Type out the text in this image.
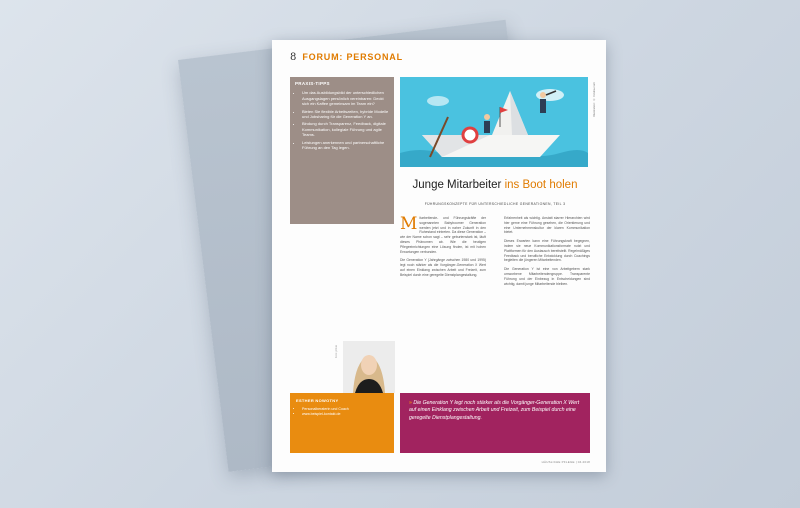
8 FORUM: PERSONAL
PRAXIS-TIPPS
• Um das Ausbildungsbild der unterschiedlichen Ausgangslagen persönlich vereinbaren: Deckt sich ein Kaffee gemeinsam im Team ein?
• Bieten Sie flexible Arbeitszeiten, hybride Modelle und Jobsharing für die Generation Y an.
• Bindung durch Transparenz, Feedback, digitale Kommunikation, kollegiale Führung und agile Teams.
• Leistungen anerkennen und partnerschaftliche Führung an den Tag legen.
Illustration: © fotolia.com
Junge Mitarbeiter ins Boot holen
FÜHRUNGSKONZEPTE FÜR UNTERSCHIEDLICHE GENERATIONEN, TEIL 3

Mitarbeitende- und Führungskräfte der sogenannten Babyboomer Generation werden jetzt und in naher Zukunft in den Ruhestand eintreten. Da diese Generation – wie der Name schon sagt – sehr geburtenstark ist, läuft dieses Phänomen ab. Wie die heutigen Pflegeeinrichtungen eine Lösung finden, ist mit hohen Erwartungen verbunden.

Die Generation Y (Jahrgänge zwischen 1980 und 1995) legt noch stärker als die Vorgänger-Generation X Wert auf einen Einklang zwischen Arbeit und Freizeit, zum Beispiel durch eine geregelte Dienstplangestaltung.

Erfahrenheit als wichtig. Anstatt starrer Hierarchien wird hier gerne eine Führung gesehen, die Orientierung und eine Unternehmenskultur der klaren Kommunikation bietet.

Dieses Erwarten kann eine Führungskraft begegnen, indem sie neue Kommunikationsformate nutzt und Plattformen für den Austausch bereitstellt. Regelmäßiges Feedback und berufliche Entwicklung durch Coachings begleiten die jüngeren Mitarbeitenden.

Die Generation Y ist eine von Arbeitgebern stark umworbene Mitarbeitendengruppe. Transparente Führung und der Einbezug in Entscheidungen sind wichtig, damit junge Mitarbeitende bleiben.

Foto: privat
ESTHER NOWOTNY
• Personalberaterin und Coach
• www.beispiel-kontakt.de
» Die Generation Y legt noch stärker als die Vorgänger-Generation X Wert auf einen Einklang zwischen Arbeit und Freizeit, zum Beispiel durch eine geregelte Dienstplangestaltung.
HÄUSLICHE PFLEGE | 04.2018
